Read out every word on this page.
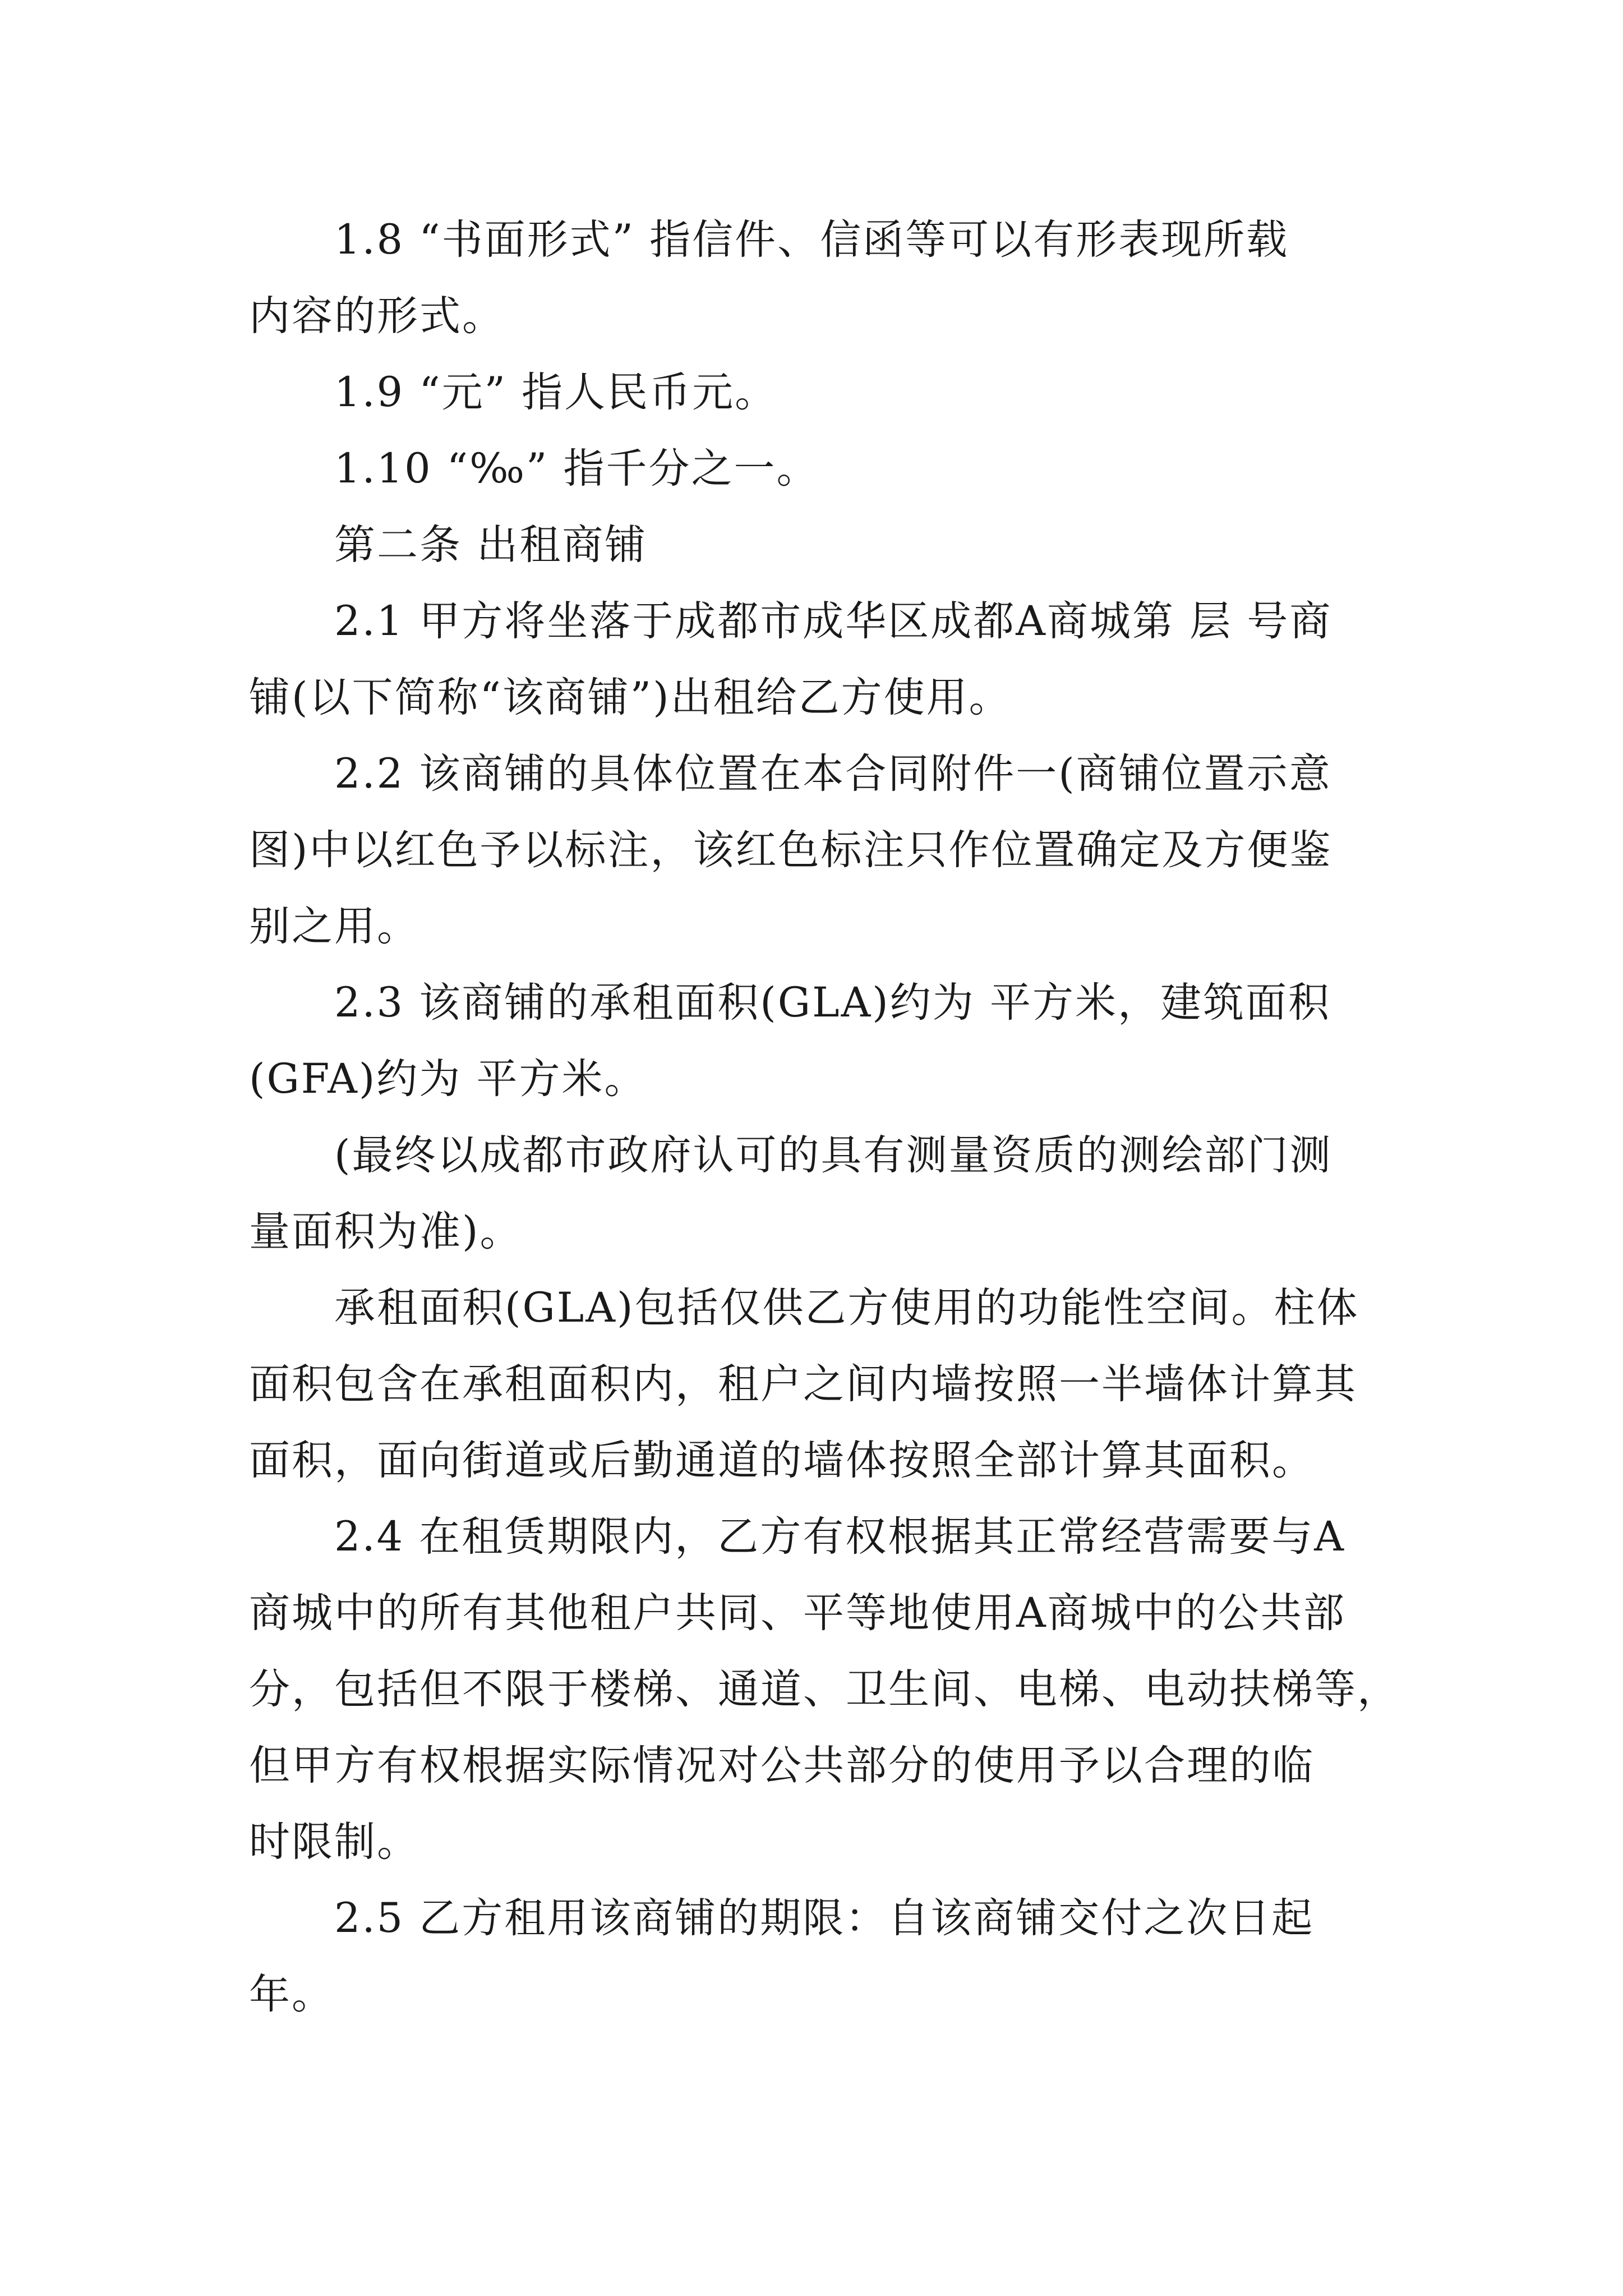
1.8 “书面形式” 指信件、信函等可以有形表现所载
内容的形式。
1.9 “元” 指人民币元。
1.10 “‰” 指千分之一。
第二条 出租商铺
2.1 甲方将坐落于成都市成华区成都A商城第 层 号商
铺(以下简称“该商铺”)出租给乙方使用。
2.2 该商铺的具体位置在本合同附件一(商铺位置示意
图)中以红色予以标注，该红色标注只作位置确定及方便鉴
别之用。
2.3 该商铺的承租面积(GLA)约为 平方米，建筑面积
(GFA)约为 平方米。
(最终以成都市政府认可的具有测量资质的测绘部门测
量面积为准)。
承租面积(GLA)包括仅供乙方使用的功能性空间。柱体
面积包含在承租面积内，租户之间内墙按照一半墙体计算其
面积，面向街道或后勤通道的墙体按照全部计算其面积。
2.4 在租赁期限内，乙方有权根据其正常经营需要与A
商城中的所有其他租户共同、平等地使用A商城中的公共部
分，包括但不限于楼梯、通道、卫生间、电梯、电动扶梯等，
但甲方有权根据实际情况对公共部分的使用予以合理的临
时限制。
2.5 乙方租用该商铺的期限：自该商铺交付之次日起
年。
